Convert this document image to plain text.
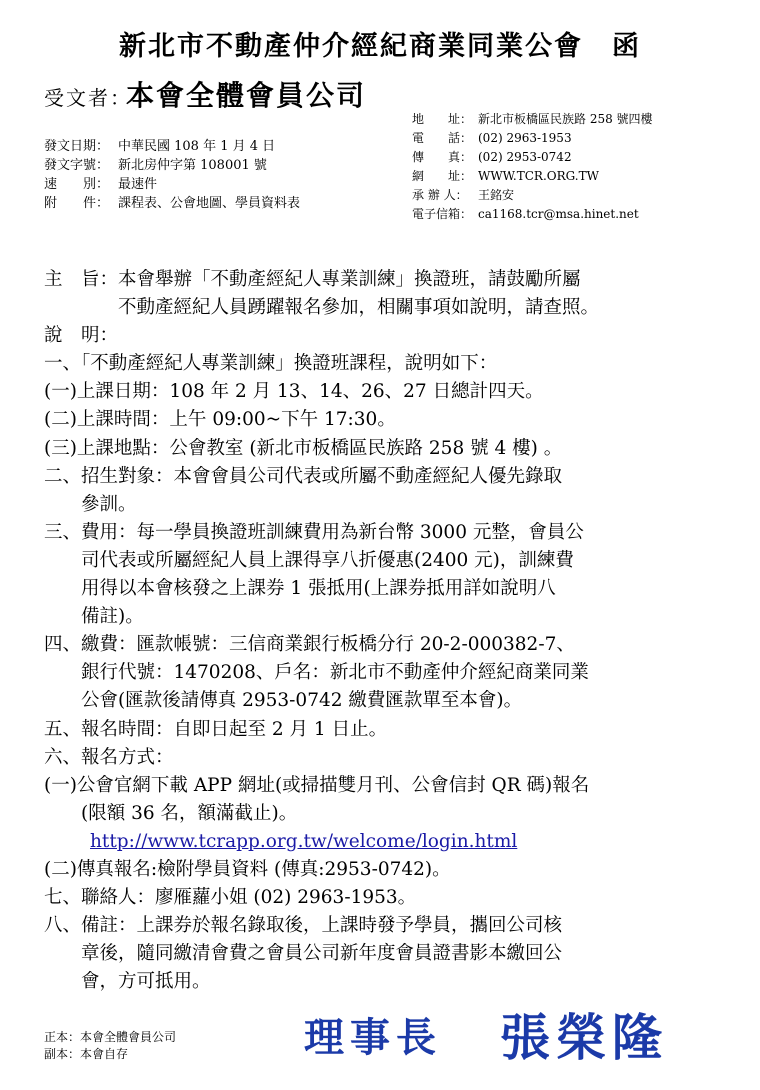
新北市不動產仲介經紀商業同業公會　函
受文者：
本會全體會員公司
發文日期： 中華民國 108 年 1 月 4 日
發文字號： 新北房仲字第 108001 號
速　　別： 最速件
附　　件： 課程表、公會地圖、學員資料表
地　　址： 新北市板橋區民族路 258 號四樓
電　　話： (02) 2963-1953
傳　　真： (02) 2953-0742
網　　址： WWW.TCR.ORG.TW
承 辦 人： 王銘安
電子信箱： ca1168.tcr@msa.hinet.net
主　旨：本會舉辦「不動產經紀人專業訓練」換證班，請鼓勵所屬
　　　　不動產經紀人員踴躍報名參加，相關事項如說明，請查照。
說　明：
一、「不動產經紀人專業訓練」換證班課程，說明如下：
(一)上課日期：108 年 2 月 13、14、26、27 日總計四天。
(二)上課時間：上午 09:00~下午 17:30。
(三)上課地點：公會教室 (新北市板橋區民族路 258 號 4 樓) 。
二、招生對象：本會會員公司代表或所屬不動產經紀人優先錄取
　　參訓。
三、費用：每一學員換證班訓練費用為新台幣 3000 元整，會員公
　　司代表或所屬經紀人員上課得享八折優惠(2400 元)，訓練費
　　用得以本會核發之上課券 1 張抵用(上課券抵用詳如說明八
　　備註)。
四、繳費：匯款帳號：三信商業銀行板橋分行 20-2-000382-7、
　　銀行代號：1470208、戶名：新北市不動產仲介經紀商業同業
　　公會(匯款後請傳真 2953-0742 繳費匯款單至本會)。
五、報名時間：自即日起至 2 月 1 日止。
六、報名方式：
(一)公會官網下載 APP 網址(或掃描雙月刊、公會信封 QR 碼)報名
　　(限額 36 名，額滿截止)。
http://www.tcrapp.org.tw/welcome/login.html
(二)傳真報名:檢附學員資料 (傳真:2953-0742)。
七、聯絡人：廖雁蘿小姐 (02) 2963-1953。
八、備註：上課券於報名錄取後，上課時發予學員，攜回公司核
　　章後，隨同繳清會費之會員公司新年度會員證書影本繳回公
　　會，方可抵用。
正本：本會全體會員公司
副本：本會自存	理事長 張榮隆
